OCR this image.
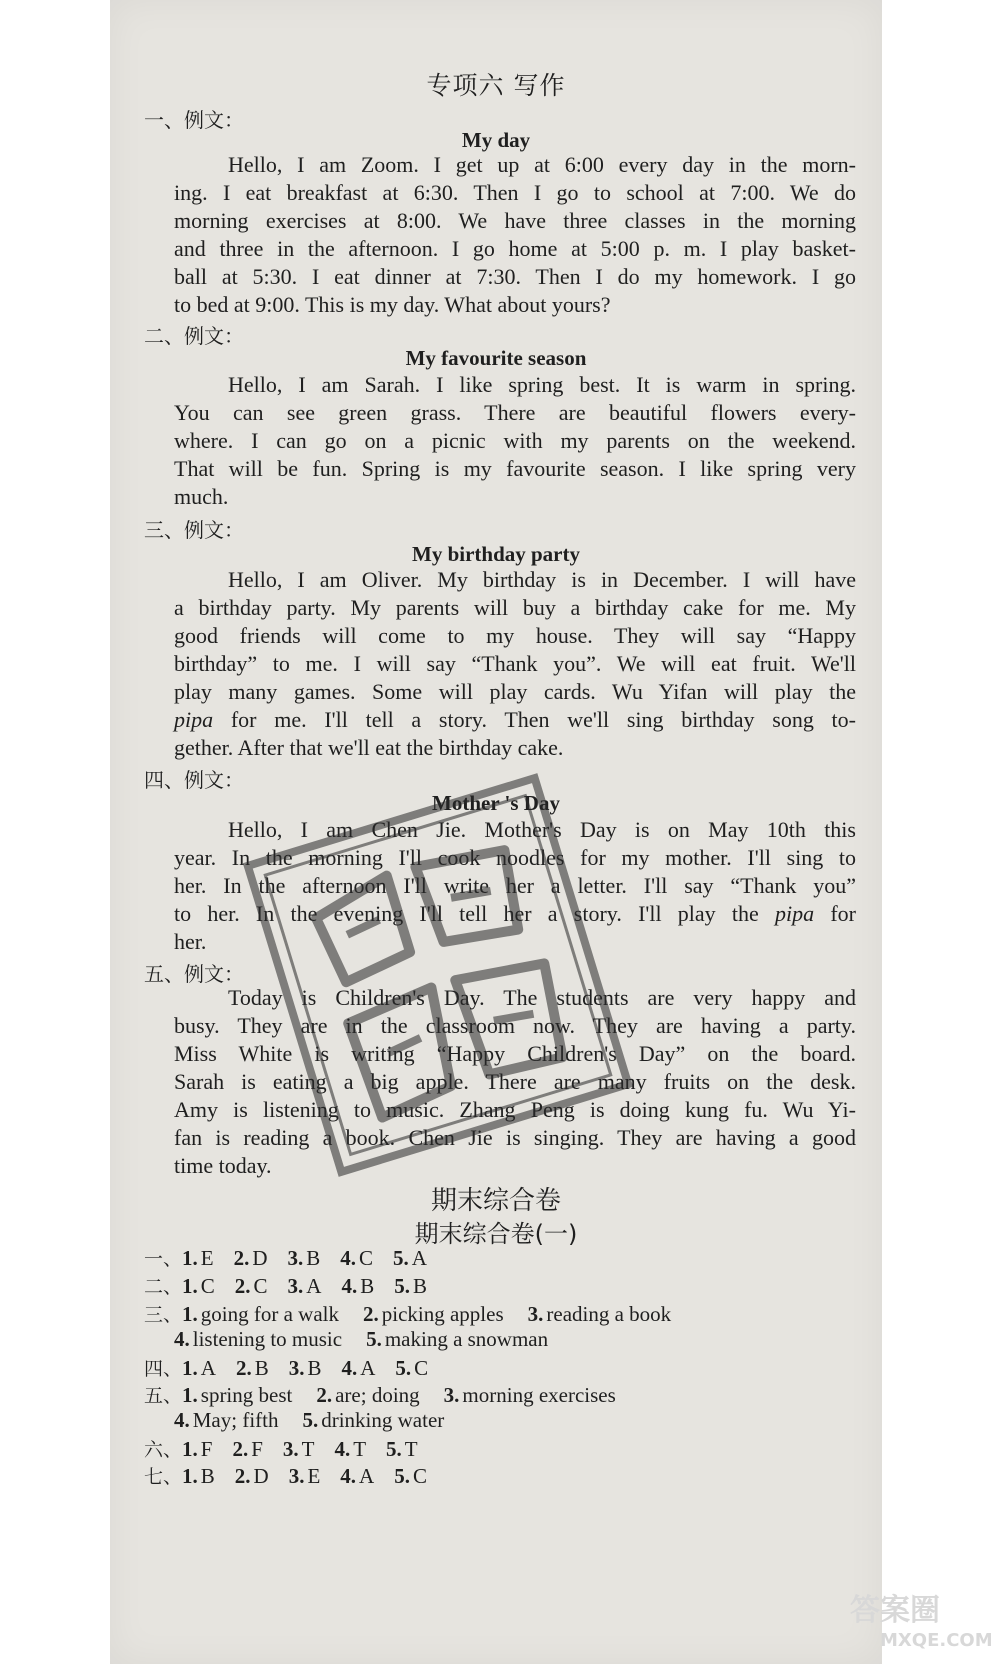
专项六 写作
一、例文：
My day
Hello, I am Zoom. I get up at 6:00 every day in the morn-
ing. I eat breakfast at 6:30. Then I go to school at 7:00. We do
morning exercises at 8:00. We have three classes in the morning
and three in the afternoon. I go home at 5:00 p. m. I play basket-
ball at 5:30. I eat dinner at 7:30. Then I do my homework. I go
to bed at 9:00. This is my day. What about yours?
二、例文：
My favourite season
Hello, I am Sarah. I like spring best. It is warm in spring.
You can see green grass. There are beautiful flowers every-
where. I can go on a picnic with my parents on the weekend.
That will be fun. Spring is my favourite season. I like spring very
much.
三、例文：
My birthday party
Hello, I am Oliver. My birthday is in December. I will have
a birthday party. My parents will buy a birthday cake for me. My
good friends will come to my house. They will say “Happy
birthday” to me. I will say “Thank you”. We will eat fruit. We'll
play many games. Some will play cards. Wu Yifan will play the
pipa for me. I'll tell a story. Then we'll sing birthday song to-
gether. After that we'll eat the birthday cake.
四、例文：
Mother 's Day
Hello, I am Chen Jie. Mother's Day is on May 10th this
year. In the morning I'll cook noodles for my mother. I'll sing to
her. In the afternoon I'll write her a letter. I'll say “Thank you”
to her. In the evening I'll tell her a story. I'll play the pipa for
her.
五、例文：
Today is Children's Day. The students are very happy and
busy. They are in the classroom now. They are having a party.
Miss White is writing “Happy Children's Day” on the board.
Sarah is eating a big apple. There are many fruits on the desk.
Amy is listening to music. Zhang Peng is doing kung fu. Wu Yi-
fan is reading a book. Chen Jie is singing. They are having a good
time today.
期末综合卷
期末综合卷(一)
一、1. E 2. D 3. B 4. C 5. A
二、1. C 2. C 3. A 4. B 5. B
三、1. going for a walk 2. picking apples 3. reading a book
4. listening to music 5. making a snowman
四、1. A 2. B 3. B 4. A 5. C
五、1. spring best 2. are; doing 3. morning exercises
4. May; fifth 5. drinking water
六、1. F 2. F 3. T 4. T 5. T
七、1. B 2. D 3. E 4. A 5. C
答案圈
MXQE.COM
